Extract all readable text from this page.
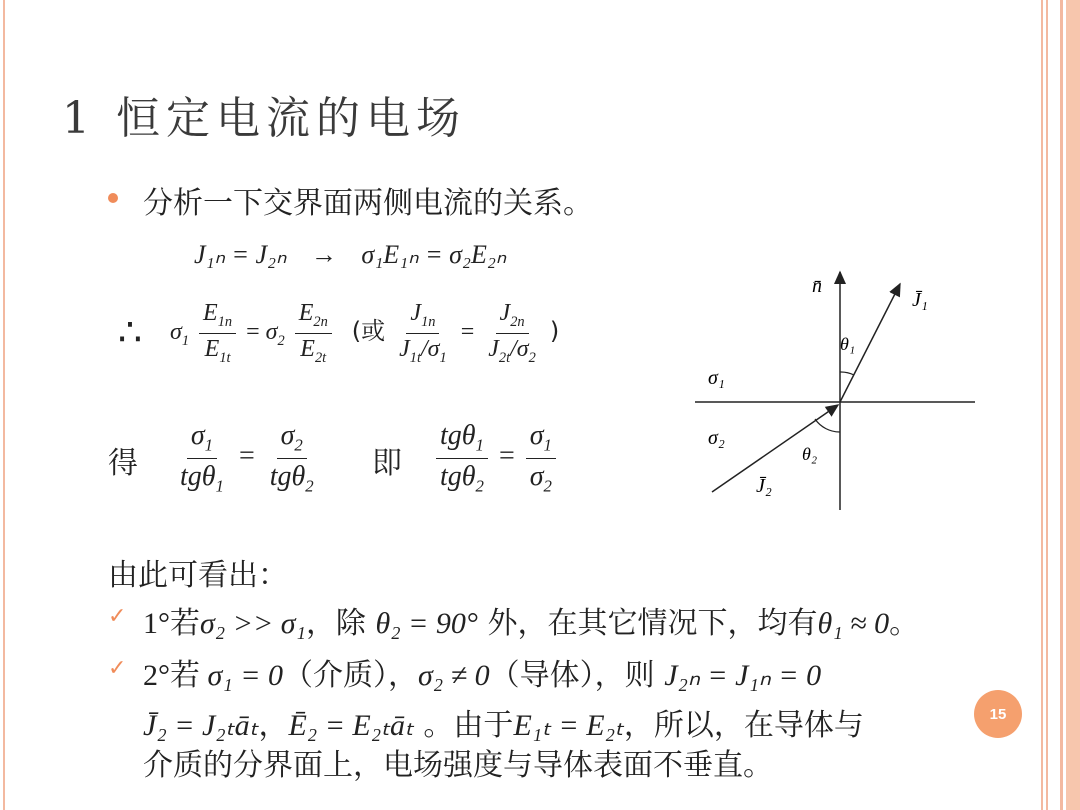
1 恒定电流的电场
分析一下交界面两侧电流的关系。
J₁ₙ = J₂ₙ → σ₁E₁ₙ = σ₂E₂ₙ
∴ $\sigma_1 \frac{E_{1n}}{E_{1t}} = \sigma_2 \frac{E_{2n}}{E_{2t}}$ (或 $\frac{J_{1n}}{J_{1t}/\sigma_1} = \frac{J_{2n}}{J_{2t}/\sigma_2}$ )
得 $\frac{\sigma_1}{tg\theta_1} = \frac{\sigma_2}{tg\theta_2}$ 即 $\frac{tg\theta_1}{tg\theta_2} = \frac{\sigma_1}{\sigma_2}$
n̄
J̄₁
θ₁
σ₁
σ₂
θ₂
J̄₂
由此可看出：
✓ 1°若σ₂ >> σ₁，除 θ₂ = 90° 外，在其它情况下，均有θ₁ ≈ 0。
✓ 2°若 σ₁ = 0（介质），σ₂ ≠ 0（导体），则 J₂ₙ = J₁ₙ = 0
J̄₂ = J₂ₜāₜ，Ē₂ = E₂ₜāₜ 。由于E₁ₜ = E₂ₜ，所以，在导体与
介质的分界面上，电场强度与导体表面不垂直。
15
